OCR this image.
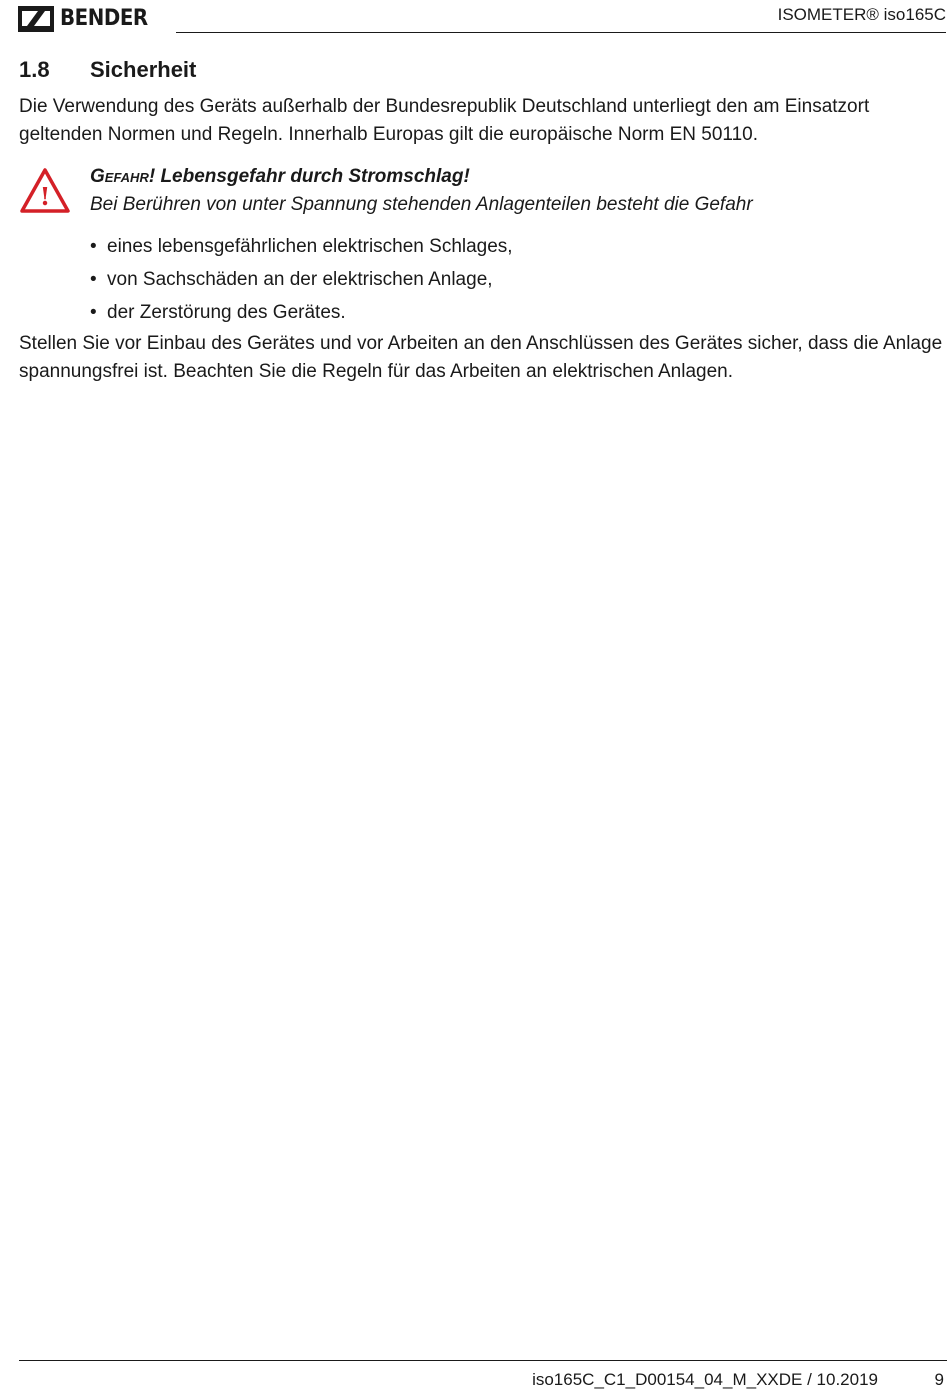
BENDER	ISOMETER® iso165C
1.8	Sicherheit
Die Verwendung des Geräts außerhalb der Bundesrepublik Deutschland unterliegt den am Einsatzort geltenden Normen und Regeln. Innerhalb Europas gilt die europäische Norm EN 50110.
!
Gefahr! Lebensgefahr durch Stromschlag!
Bei Berühren von unter Spannung stehenden Anlagenteilen besteht die Gefahr
• eines lebensgefährlichen elektrischen Schlages,
• von Sachschäden an der elektrischen Anlage,
• der Zerstörung des Gerätes.
Stellen Sie vor Einbau des Gerätes und vor Arbeiten an den Anschlüssen des Gerätes sicher, dass die Anlage spannungsfrei ist. Beachten Sie die Regeln für das Arbeiten an elektrischen Anlagen.
iso165C_C1_D00154_04_M_XXDE / 10.2019	9
